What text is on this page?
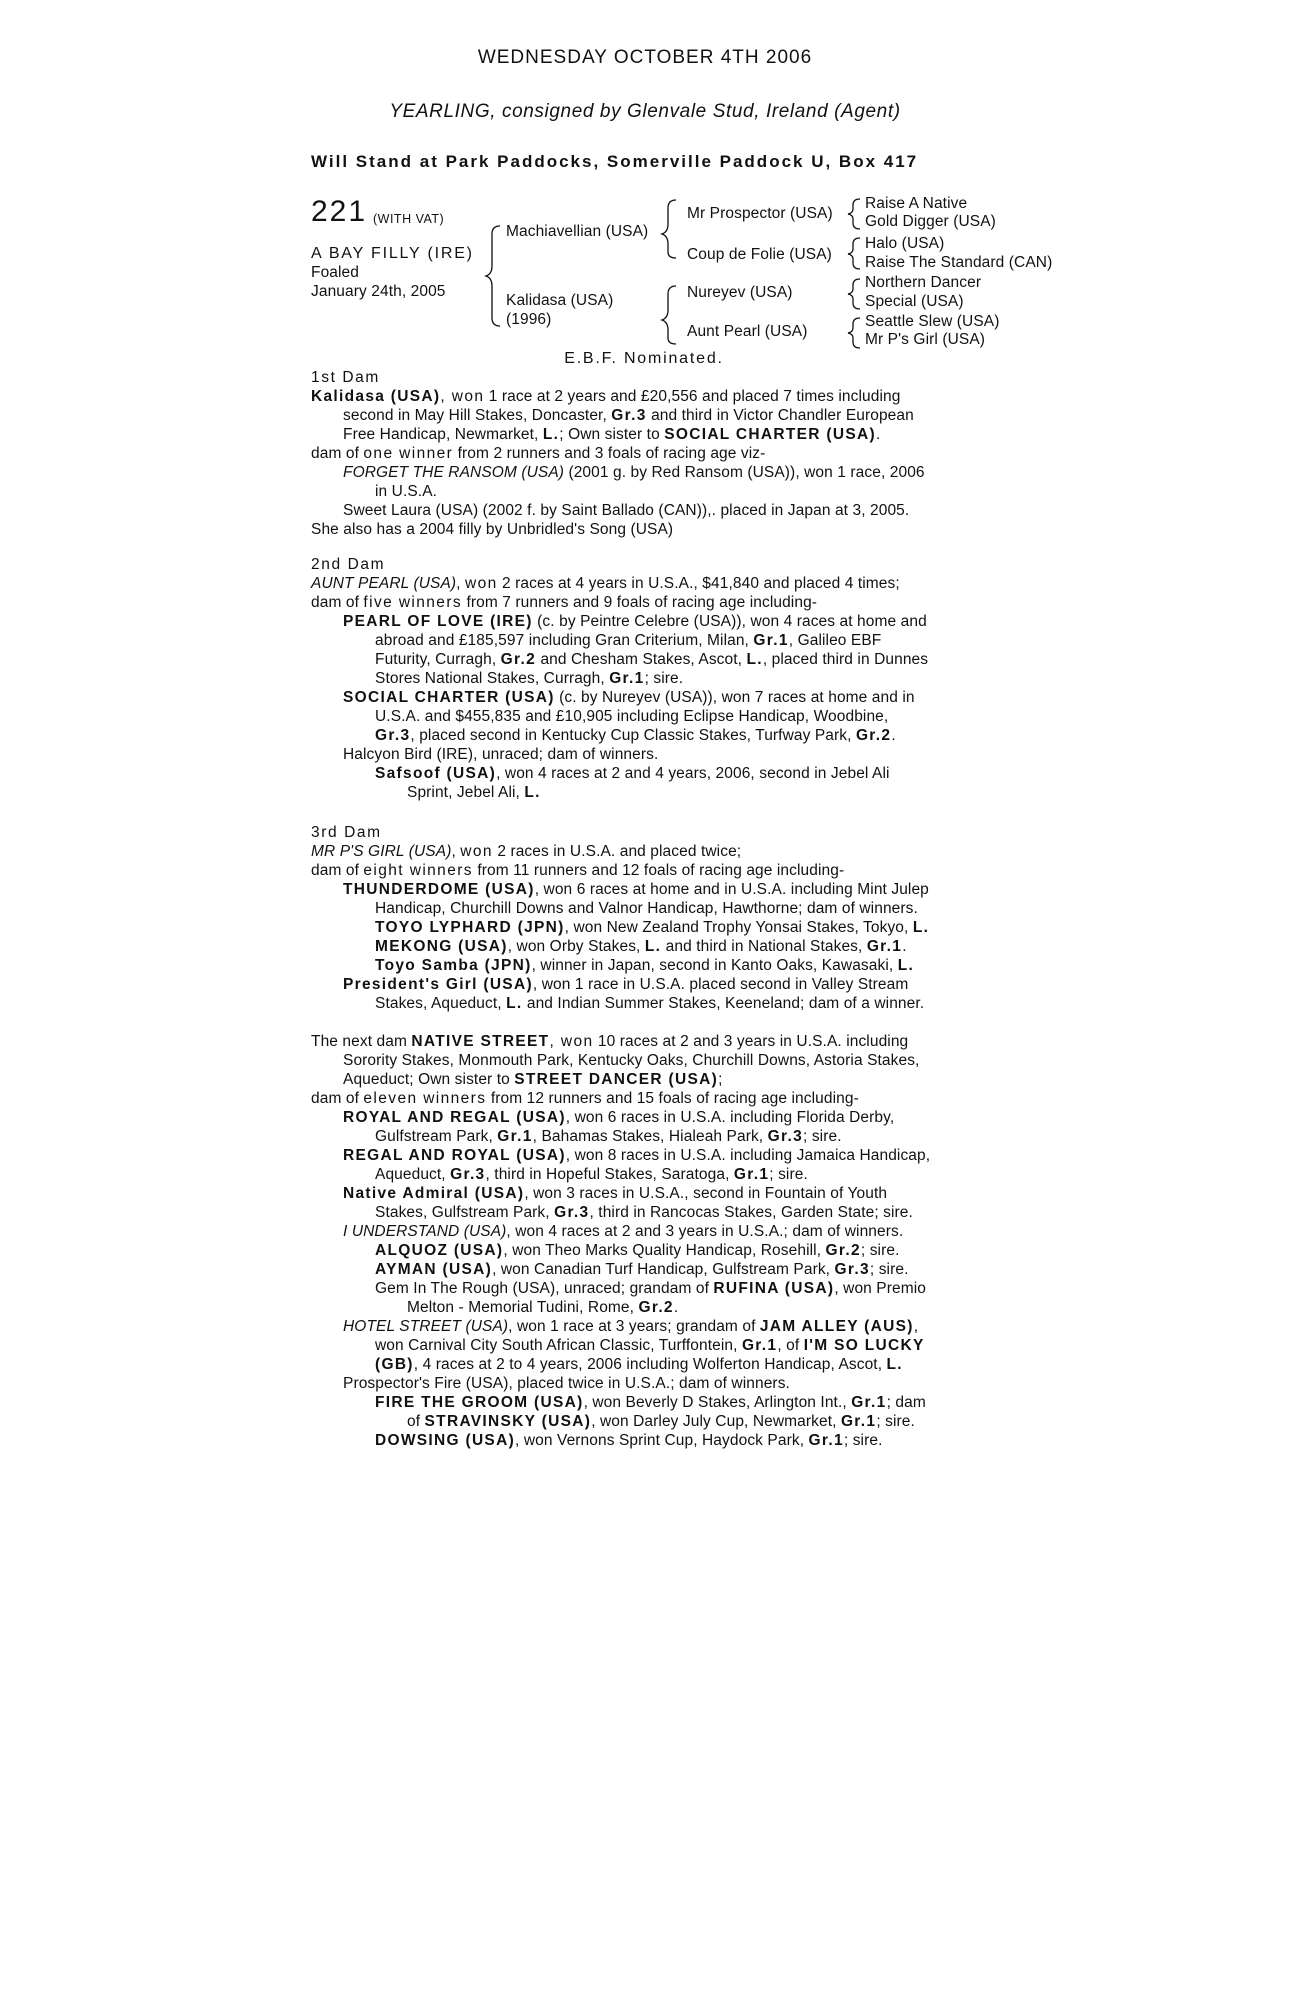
WEDNESDAY OCTOBER 4TH 2006
YEARLING, consigned by Glenvale Stud, Ireland (Agent)
Will Stand at Park Paddocks, Somerville Paddock U, Box 417
221 (WITH VAT)
A BAY FILLY (IRE)
Foaled
January 24th, 2005
Machiavellian (USA)
Kalidasa (USA)
(1996)
Mr Prospector (USA)
Coup de Folie (USA)
Nureyev (USA)
Aunt Pearl (USA)
Raise A Native
Gold Digger (USA)
Halo (USA)
Raise The Standard (CAN)
Northern Dancer
Special (USA)
Seattle Slew (USA)
Mr P's Girl (USA)
E.B.F. Nominated.
1st Dam
Kalidasa (USA), won 1 race at 2 years and £20,556 and placed 7 times including
second in May Hill Stakes, Doncaster, Gr.3 and third in Victor Chandler European
Free Handicap, Newmarket, L.; Own sister to SOCIAL CHARTER (USA).
dam of one winner from 2 runners and 3 foals of racing age viz-
FORGET THE RANSOM (USA) (2001 g. by Red Ransom (USA)), won 1 race, 2006
in U.S.A.
Sweet Laura (USA) (2002 f. by Saint Ballado (CAN)),. placed in Japan at 3, 2005.
She also has a 2004 filly by Unbridled's Song (USA)
2nd Dam
AUNT PEARL (USA), won 2 races at 4 years in U.S.A., $41,840 and placed 4 times;
dam of five winners from 7 runners and 9 foals of racing age including-
PEARL OF LOVE (IRE) (c. by Peintre Celebre (USA)), won 4 races at home and
abroad and £185,597 including Gran Criterium, Milan, Gr.1, Galileo EBF
Futurity, Curragh, Gr.2 and Chesham Stakes, Ascot, L., placed third in Dunnes
Stores National Stakes, Curragh, Gr.1; sire.
SOCIAL CHARTER (USA) (c. by Nureyev (USA)), won 7 races at home and in
U.S.A. and $455,835 and £10,905 including Eclipse Handicap, Woodbine,
Gr.3, placed second in Kentucky Cup Classic Stakes, Turfway Park, Gr.2.
Halcyon Bird (IRE), unraced; dam of winners.
Safsoof (USA), won 4 races at 2 and 4 years, 2006, second in Jebel Ali
Sprint, Jebel Ali, L.
3rd Dam
MR P'S GIRL (USA), won 2 races in U.S.A. and placed twice;
dam of eight winners from 11 runners and 12 foals of racing age including-
THUNDERDOME (USA), won 6 races at home and in U.S.A. including Mint Julep
Handicap, Churchill Downs and Valnor Handicap, Hawthorne; dam of winners.
TOYO LYPHARD (JPN), won New Zealand Trophy Yonsai Stakes, Tokyo, L.
MEKONG (USA), won Orby Stakes, L. and third in National Stakes, Gr.1.
Toyo Samba (JPN), winner in Japan, second in Kanto Oaks, Kawasaki, L.
President's Girl (USA), won 1 race in U.S.A. placed second in Valley Stream
Stakes, Aqueduct, L. and Indian Summer Stakes, Keeneland; dam of a winner.
The next dam NATIVE STREET, won 10 races at 2 and 3 years in U.S.A. including
Sorority Stakes, Monmouth Park, Kentucky Oaks, Churchill Downs, Astoria Stakes,
Aqueduct; Own sister to STREET DANCER (USA);
dam of eleven winners from 12 runners and 15 foals of racing age including-
ROYAL AND REGAL (USA), won 6 races in U.S.A. including Florida Derby,
Gulfstream Park, Gr.1, Bahamas Stakes, Hialeah Park, Gr.3; sire.
REGAL AND ROYAL (USA), won 8 races in U.S.A. including Jamaica Handicap,
Aqueduct, Gr.3, third in Hopeful Stakes, Saratoga, Gr.1; sire.
Native Admiral (USA), won 3 races in U.S.A., second in Fountain of Youth
Stakes, Gulfstream Park, Gr.3, third in Rancocas Stakes, Garden State; sire.
I UNDERSTAND (USA), won 4 races at 2 and 3 years in U.S.A.; dam of winners.
ALQUOZ (USA), won Theo Marks Quality Handicap, Rosehill, Gr.2; sire.
AYMAN (USA), won Canadian Turf Handicap, Gulfstream Park, Gr.3; sire.
Gem In The Rough (USA), unraced; grandam of RUFINA (USA), won Premio
Melton - Memorial Tudini, Rome, Gr.2.
HOTEL STREET (USA), won 1 race at 3 years; grandam of JAM ALLEY (AUS),
won Carnival City South African Classic, Turffontein, Gr.1, of I'M SO LUCKY
(GB), 4 races at 2 to 4 years, 2006 including Wolferton Handicap, Ascot, L.
Prospector's Fire (USA), placed twice in U.S.A.; dam of winners.
FIRE THE GROOM (USA), won Beverly D Stakes, Arlington Int., Gr.1; dam
of STRAVINSKY (USA), won Darley July Cup, Newmarket, Gr.1; sire.
DOWSING (USA), won Vernons Sprint Cup, Haydock Park, Gr.1; sire.
